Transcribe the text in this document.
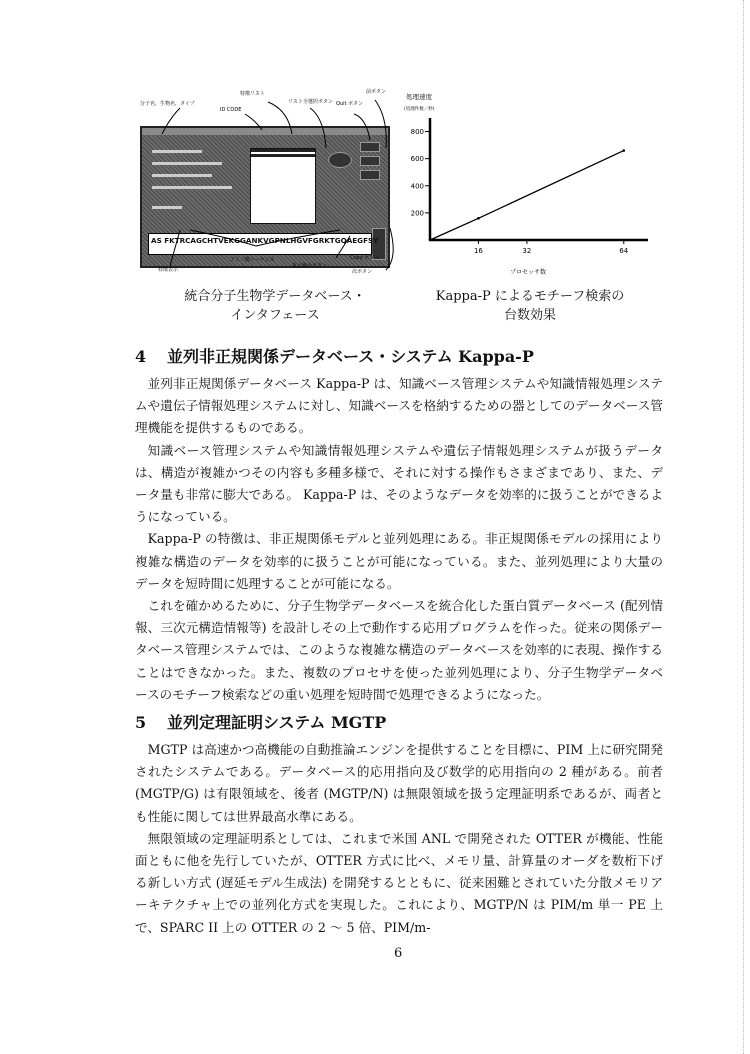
AS FKTRCAGCHTVEKGGANKVGPNLHGVFGRKTGQAEGFSY
分子名，生物名，タイプ
ID CODE
特徴リスト
リスト全選択ボタン Quit ボタン
前ボタン
特徴表示
アミノ酸シーケンス
拡大縮小ボタン
Copy ボタン
次ボタン
処理速度
(処理件数／秒)
200
400
600
800
16	32	64
プロセッサ数
統合分子生物学データベース・
インタフェース
Kappa-P によるモチーフ検索の
台数効果
4 並列非正規関係データベース・システム Kappa-P

並列非正規関係データベース Kappa-P は、知識ベース管理システムや知識情報処理システムや遺伝子情報処理システムに対し、知識ベースを格納するための器としてのデータベース管理機能を提供するものである。

知識ベース管理システムや知識情報処理システムや遺伝子情報処理システムが扱うデータは、構造が複雑かつその内容も多種多様で、それに対する操作もさまざまであり、また、データ量も非常に膨大である。 Kappa-P は、そのようなデータを効率的に扱うことができるようになっている。

Kappa-P の特徴は、非正規関係モデルと並列処理にある。非正規関係モデルの採用により複雑な構造のデータを効率的に扱うことが可能になっている。また、並列処理により大量のデータを短時間に処理することが可能になる。

これを確かめるために、分子生物学データベースを統合化した蛋白質データベース (配列情報、三次元構造情報等) を設計しその上で動作する応用プログラムを作った。従来の関係データベース管理システムでは、このような複雑な構造のデータベースを効率的に表現、操作することはできなかった。また、複数のプロセサを使った並列処理により、分子生物学データベースのモチーフ検索などの重い処理を短時間で処理できるようになった。

5 並列定理証明システム MGTP

MGTP は高速かつ高機能の自動推論エンジンを提供することを目標に、PIM 上に研究開発されたシステムである。データベース的応用指向及び数学的応用指向の 2 種がある。前者 (MGTP/G) は有限領域を、後者 (MGTP/N) は無限領域を扱う定理証明系であるが、両者とも性能に関しては世界最高水準にある。

無限領域の定理証明系としては、これまで米国 ANL で開発された OTTER が機能、性能面ともに他を先行していたが、OTTER 方式に比べ、メモリ量、計算量のオーダを数桁下げる新しい方式 (遅延モデル生成法) を開発するとともに、従来困難とされていた分散メモリアーキテクチャ上での並列化方式を実現した。これにより、MGTP/N は PIM/m 単一 PE 上で、SPARC II 上の OTTER の 2 ～ 5 倍、PIM/m-

6
